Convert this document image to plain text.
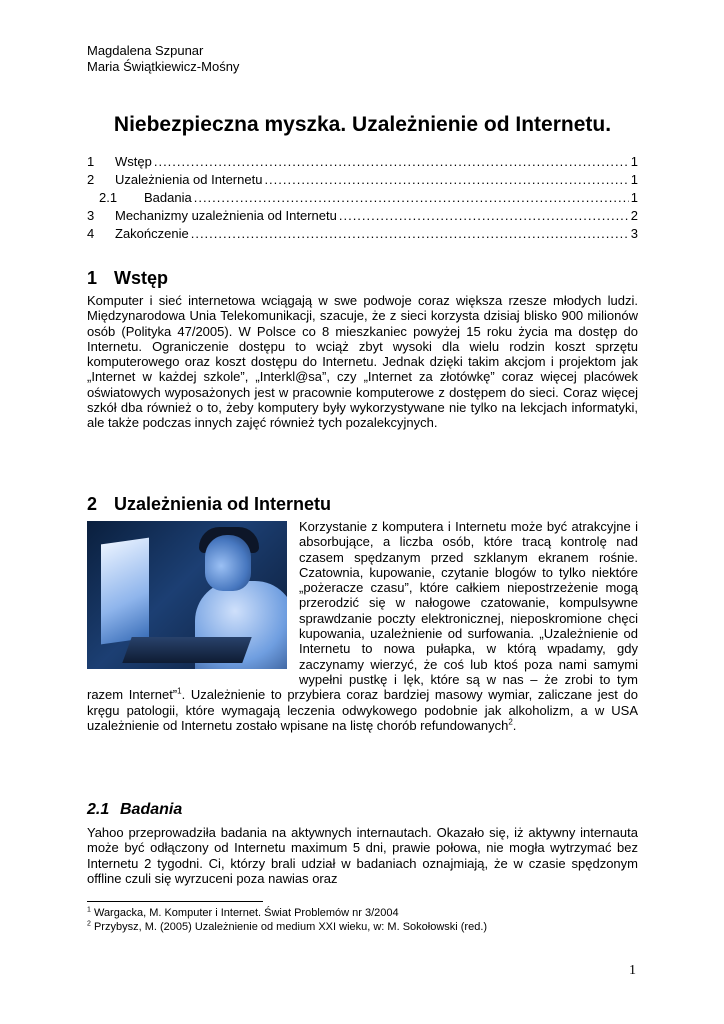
Magdalena Szpunar
Maria Świątkiewicz-Mośny
Niebezpieczna myszka. Uzależnienie od Internetu.
1	Wstęp .....	1
2	Uzależnienia od Internetu .....	1
2.1	Badania .....	1
3	Mechanizmy uzależnienia od Internetu .....	2
4	Zakończenie .....	3
1 Wstęp
Komputer i sieć internetowa wciągają w swe podwoje coraz większa rzesze młodych ludzi. Międzynarodowa Unia Telekomunikacji, szacuje, że z sieci korzysta dzisiaj blisko 900 milionów osób (Polityka 47/2005). W Polsce co 8 mieszkaniec powyżej 15 roku życia ma dostęp do Internetu. Ograniczenie dostępu to wciąż zbyt wysoki dla wielu rodzin koszt sprzętu komputerowego oraz koszt dostępu do Internetu. Jednak dzięki takim akcjom i projektom jak „Internet w każdej szkole”, „Interkl@sa”, czy „Internet za złotówkę” coraz więcej placówek oświatowych wyposażonych jest w pracownie komputerowe z dostępem do sieci. Coraz więcej szkół dba również o to, żeby komputery były wykorzystywane nie tylko na lekcjach informatyki, ale także podczas innych zajęć również tych pozalekcyjnych.
2 Uzależnienia od Internetu
Korzystanie z komputera i Internetu może być atrakcyjne i absorbujące, a liczba osób, które tracą kontrolę nad czasem spędzanym przed szklanym ekranem rośnie. Czatownia, kupowanie, czytanie blogów to tylko niektóre „pożeracze czasu”, które całkiem niepostrzeżenie mogą przerodzić się w nałogowe czatowanie, kompulsywne sprawdzanie poczty elektronicznej, nieposkromione chęci kupowania, uzależnienie od surfowania. „Uzależnienie od Internetu to nowa pułapka, w którą wpadamy, gdy zaczynamy wierzyć, że coś lub ktoś poza nami samymi wypełni pustkę i lęk, które są w nas – że zrobi to tym razem Internet”$^1$. Uzależnienie to przybiera coraz bardziej masowy wymiar, zaliczane jest do kręgu patologii, które wymagają leczenia odwykowego podobnie jak alkoholizm, a w USA uzależnienie od Internetu zostało wpisane na listę chorób refundowanych$^2$.
2.1 Badania
Yahoo przeprowadziła badania na aktywnych internautach. Okazało się, iż aktywny internauta może być odłączony od Internetu maximum 5 dni, prawie połowa, nie mogła wytrzymać bez Internetu 2 tygodni. Ci, którzy brali udział w badaniach oznajmiają, że w czasie spędzonym offline czuli się wyrzuceni poza nawias oraz
$^1$ Wargacka, M. Komputer i Internet. Świat Problemów nr 3/2004
$^2$ Przybysz, M. (2005) Uzależnienie od medium XXI wieku, w: M. Sokołowski (red.)
1
